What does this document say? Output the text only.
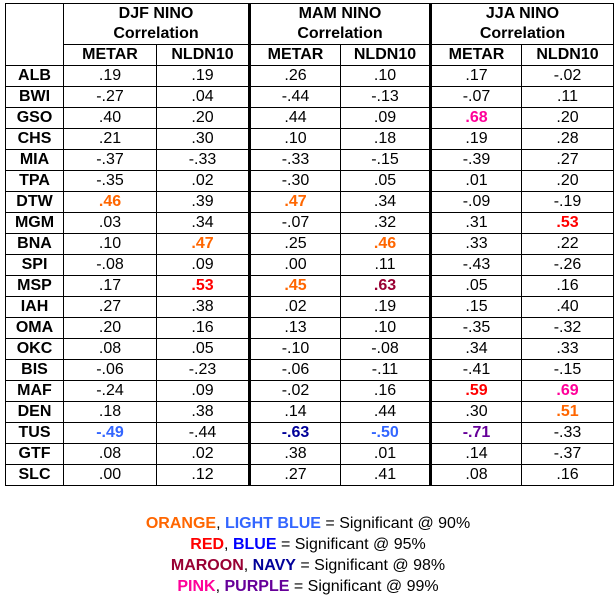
	DJF NINO
Correlation		MAM NINO
Correlation		JJA NINO
Correlation	
	METAR	NLDN10	METAR	NLDN10	METAR	NLDN10
ALB	.19	.19	.26	.10	.17	-.02
BWI	-.27	.04	-.44	-.13	-.07	.11
GSO	.40	.20	.44	.09	.68	.20
CHS	.21	.30	.10	.18	.19	.28
MIA	-.37	-.33	-.33	-.15	-.39	.27
TPA	-.35	.02	-.30	.05	.01	.20
DTW	.46	.39	.47	.34	-.09	-.19
MGM	.03	.34	-.07	.32	.31	.53
BNA	.10	.47	.25	.46	.33	.22
SPI	-.08	.09	.00	.11	-.43	-.26
MSP	.17	.53	.45	.63	.05	.16
IAH	.27	.38	.02	.19	.15	.40
OMA	.20	.16	.13	.10	-.35	-.32
OKC	.08	.05	-.10	-.08	.34	.33
BIS	-.06	-.23	-.06	-.11	-.41	-.15
MAF	-.24	.09	-.02	.16	.59	.69
DEN	.18	.38	.14	.44	.30	.51
TUS	-.49	-.44	-.63	-.50	-.71	-.33
GTF	.08	.02	.38	.01	.14	-.37
SLC	.00	.12	.27	.41	.08	.16
ORANGE, LIGHT BLUE = Significant @ 90%
RED, BLUE = Significant @ 95%
MAROON, NAVY = Significant @ 98%
PINK, PURPLE = Significant @ 99%
